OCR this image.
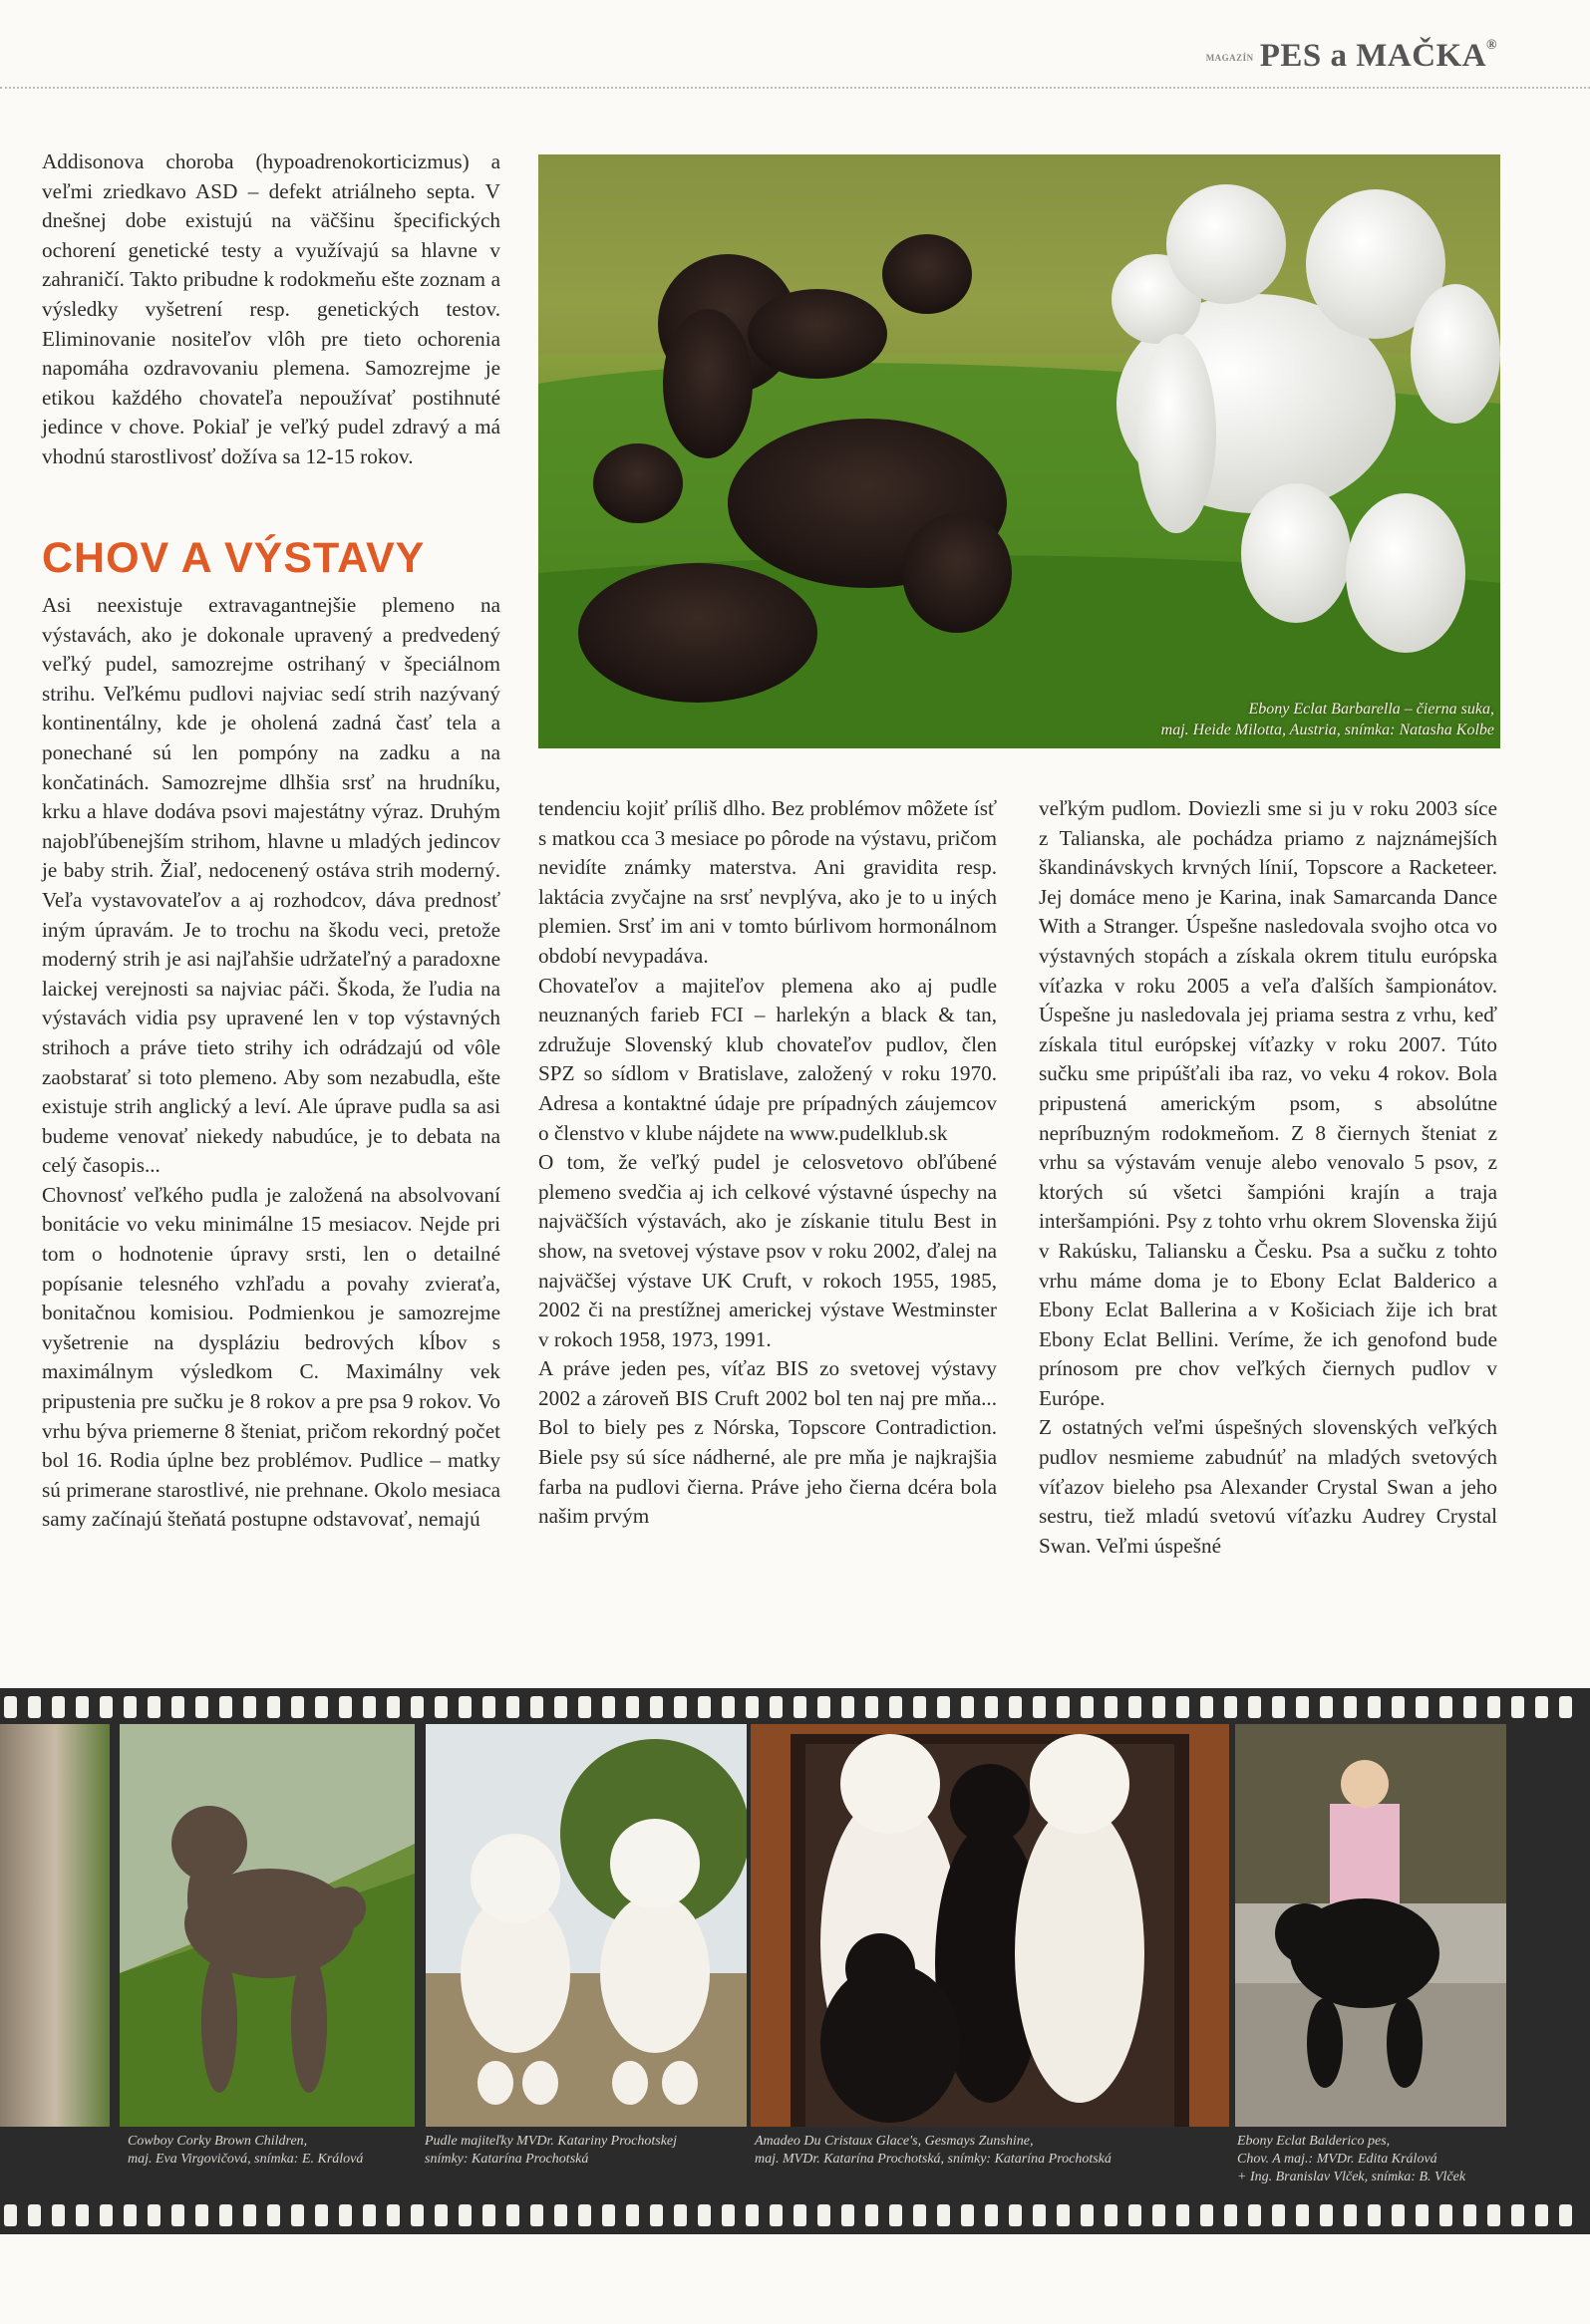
MAGAZÍN PES a MAČKA®

Addisonova choroba (hypoadrenokorticizmus) a veľmi zriedkavo ASD – defekt atriálneho septa. V dnešnej dobe existujú na väčšinu špecifických ochorení genetické testy a využívajú sa hlavne v zahraničí. Takto pribudne k rodokmeňu ešte zoznam a výsledky vyšetrení resp. genetických testov. Eliminovanie nositeľov vlôh pre tieto ochorenia napomáha ozdravovaniu plemena. Samozrejme je etikou každého chovateľa nepoužívať postihnuté jedince v chove. Pokiaľ je veľký pudel zdravý a má vhodnú starostlivosť dožíva sa 12-15 rokov.

CHOV A VÝSTAVY

Asi neexistuje extravagantnejšie plemeno na výstavách, ako je dokonale upravený a predvedený veľký pudel, samozrejme ostrihaný v špeciálnom strihu. Veľkému pudlovi najviac sedí strih nazývaný kontinentálny, kde je oholená zadná časť tela a ponechané sú len pompóny na zadku a na končatinách. Samozrejme dlhšia srsť na hrudníku, krku a hlave dodáva psovi majestátny výraz. Druhým najobľúbenejším strihom, hlavne u mladých jedincov je baby strih. Žiaľ, nedocenený ostáva strih moderný. Veľa vystavovateľov a aj rozhodcov, dáva prednosť iným úpravám. Je to trochu na škodu veci, pretože moderný strih je asi najľahšie udržateľný a paradoxne laickej verejnosti sa najviac páči. Škoda, že ľudia na výstavách vidia psy upravené len v top výstavných strihoch a práve tieto strihy ich odrádzajú od vôle zaobstarať si toto plemeno. Aby som nezabudla, ešte existuje strih anglický a leví. Ale úprave pudla sa asi budeme venovať niekedy nabudúce, je to debata na celý časopis...

Chovnosť veľkého pudla je založená na absolvovaní bonitácie vo veku minimálne 15 mesiacov. Nejde pri tom o hodnotenie úpravy srsti, len o detailné popísanie telesného vzhľadu a povahy zvieraťa, bonitačnou komisiou. Podmienkou je samozrejme vyšetrenie na dyspláziu bedrových kĺbov s maximálnym výsledkom C. Maximálny vek pripustenia pre sučku je 8 rokov a pre psa 9 rokov. Vo vrhu býva priemerne 8 šteniat, pričom rekordný počet bol 16. Rodia úplne bez problémov. Pudlice – matky sú primerane starostlivé, nie prehnane. Okolo mesiaca samy začínajú šteňatá postupne odstavovať, nemajú

Ebony Eclat Barbarella – čierna suka,
maj. Heide Milotta, Austria, snímka: Natasha Kolbe

tendenciu kojiť príliš dlho. Bez problémov môžete ísť s matkou cca 3 mesiace po pôrode na výstavu, pričom nevidíte známky materstva. Ani gravidita resp. laktácia zvyčajne na srsť nevplýva, ako je to u iných plemien. Srsť im ani v tomto búrlivom hormonálnom období nevypadáva.

Chovateľov a majiteľov plemena ako aj pudle neuznaných farieb FCI – harlekýn a black & tan, združuje Slovenský klub chovateľov pudlov, člen SPZ so sídlom v Bratislave, založený v roku 1970. Adresa a kontaktné údaje pre prípadných záujemcov o členstvo v klube nájdete na www.pudelklub.sk

O tom, že veľký pudel je celosvetovo obľúbené plemeno svedčia aj ich celkové výstavné úspechy na najväčších výstavách, ako je získanie titulu Best in show, na svetovej výstave psov v roku 2002, ďalej na najväčšej výstave UK Cruft, v rokoch 1955, 1985, 2002 či na prestížnej americkej výstave Westminster v rokoch 1958, 1973, 1991.

A práve jeden pes, víťaz BIS zo svetovej výstavy 2002 a zároveň BIS Cruft 2002 bol ten naj pre mňa... Bol to biely pes z Nórska, Topscore Contradiction. Biele psy sú síce nádherné, ale pre mňa je najkrajšia farba na pudlovi čierna. Práve jeho čierna dcéra bola našim prvým

veľkým pudlom. Doviezli sme si ju v roku 2003 síce z Talianska, ale pochádza priamo z najznámejších škandinávskych krvných línií, Topscore a Racketeer. Jej domáce meno je Karina, inak Samarcanda Dance With a Stranger. Úspešne nasledovala svojho otca vo výstavných stopách a získala okrem titulu európska víťazka v roku 2005 a veľa ďalších šampionátov. Úspešne ju nasledovala jej priama sestra z vrhu, keď získala titul európskej víťazky v roku 2007. Túto sučku sme pripúšťali iba raz, vo veku 4 rokov. Bola pripustená americkým psom, s absolútne nepríbuzným rodokmeňom. Z 8 čiernych šteniat z vrhu sa výstavám venuje alebo venovalo 5 psov, z ktorých sú všetci šampióni krajín a traja interšampióni. Psy z tohto vrhu okrem Slovenska žijú v Rakúsku, Taliansku a Česku. Psa a sučku z tohto vrhu máme doma je to Ebony Eclat Balderico a Ebony Eclat Ballerina a v Košiciach žije ich brat Ebony Eclat Bellini. Veríme, že ich genofond bude prínosom pre chov veľkých čiernych pudlov v Európe.

Z ostatných veľmi úspešných slovenských veľkých pudlov nesmieme zabudnúť na mladých svetových víťazov bieleho psa Alexander Crystal Swan a jeho sestru, tiež mladú svetovú víťazku Audrey Crystal Swan. Veľmi úspešné

Cowboy Corky Brown Children,
maj. Eva Virgovičová, snímka: E. Králová
Pudle majiteľky MVDr. Katariny Prochotskej
snímky: Katarína Prochotská
Amadeo Du Cristaux Glace's, Gesmays Zunshine,
maj. MVDr. Katarína Prochotská, snímky: Katarína Prochotská
Ebony Eclat Balderico pes,
Chov. A maj.: MVDr. Edita Králová
+ Ing. Branislav Vlček, snímka: B. Vlček
